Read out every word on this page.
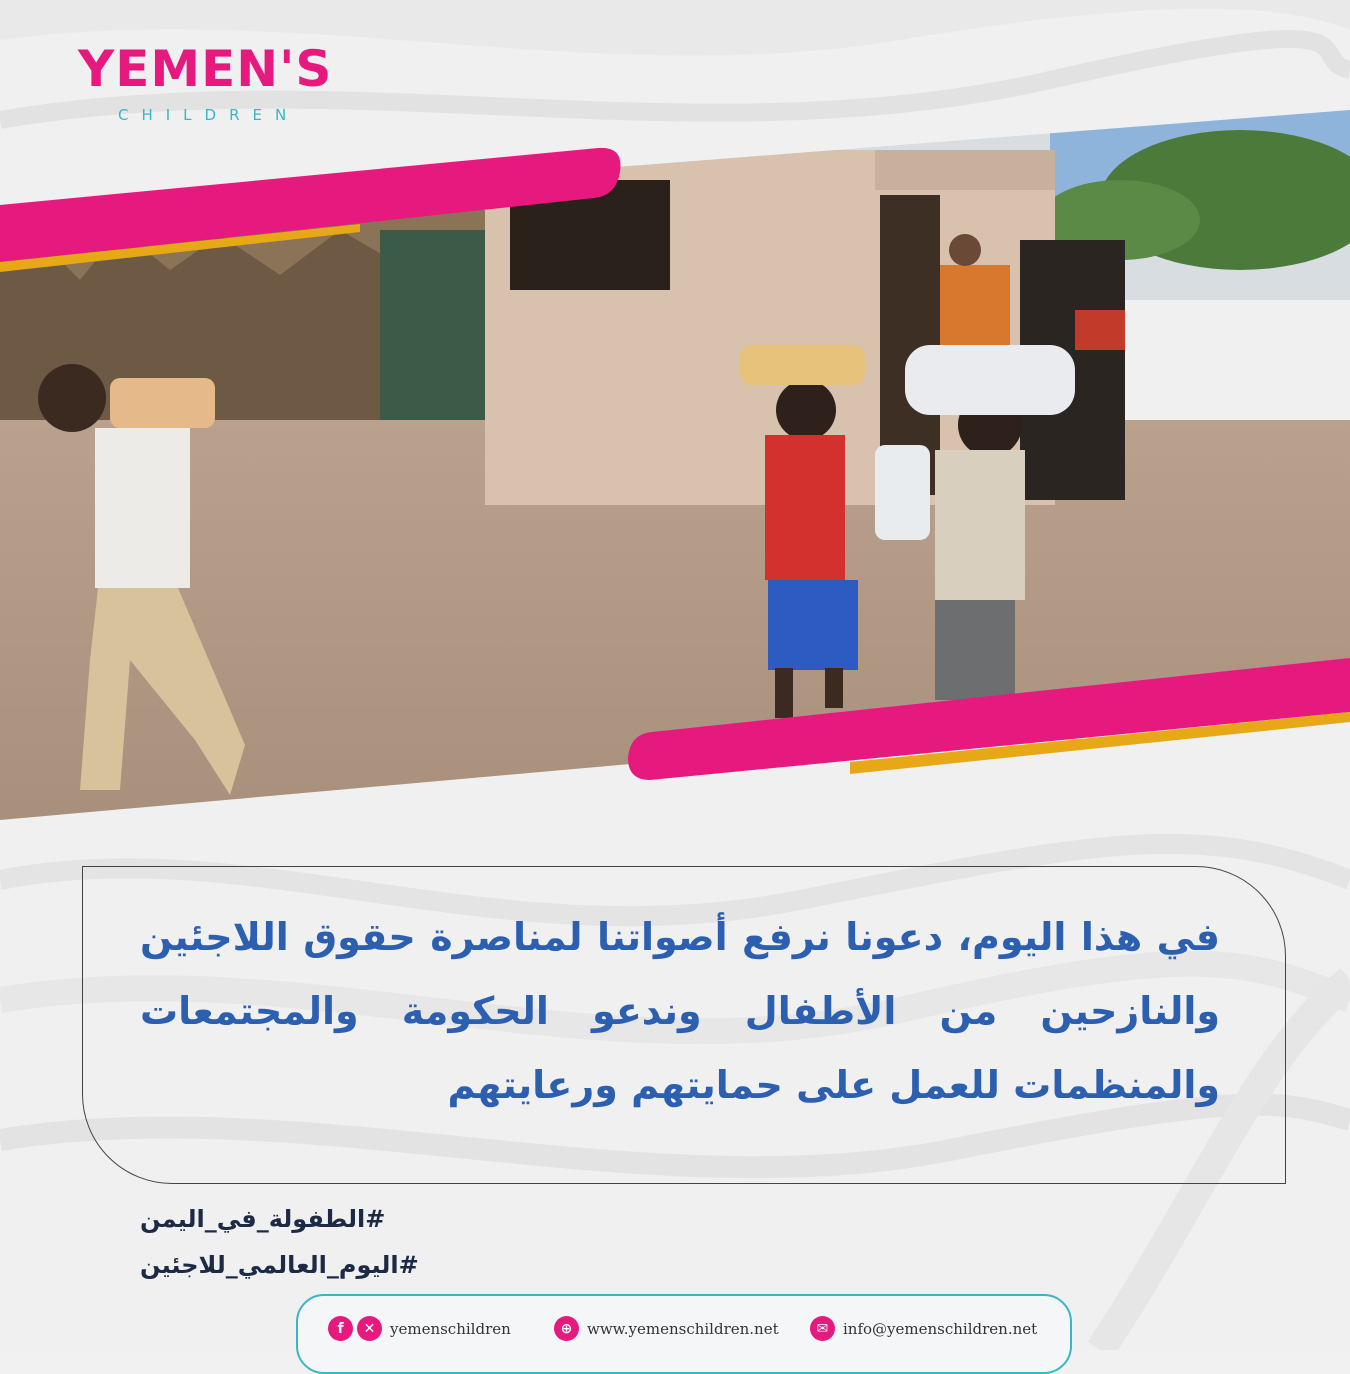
YEMEN'S
CHILDREN
في هذا اليوم، دعونا نرفع أصواتنا لمناصرة حقوق اللاجئين والنازحين من الأطفال وندعو الحكومة والمجتمعات والمنظمات للعمل على حمايتهم ورعايتهم
#الطفولة_في_اليمن
#اليوم_العالمي_للاجئين
f	✕ yemenschildren	⊕ www.yemenschildren.net	✉ info@yemenschildren.net
